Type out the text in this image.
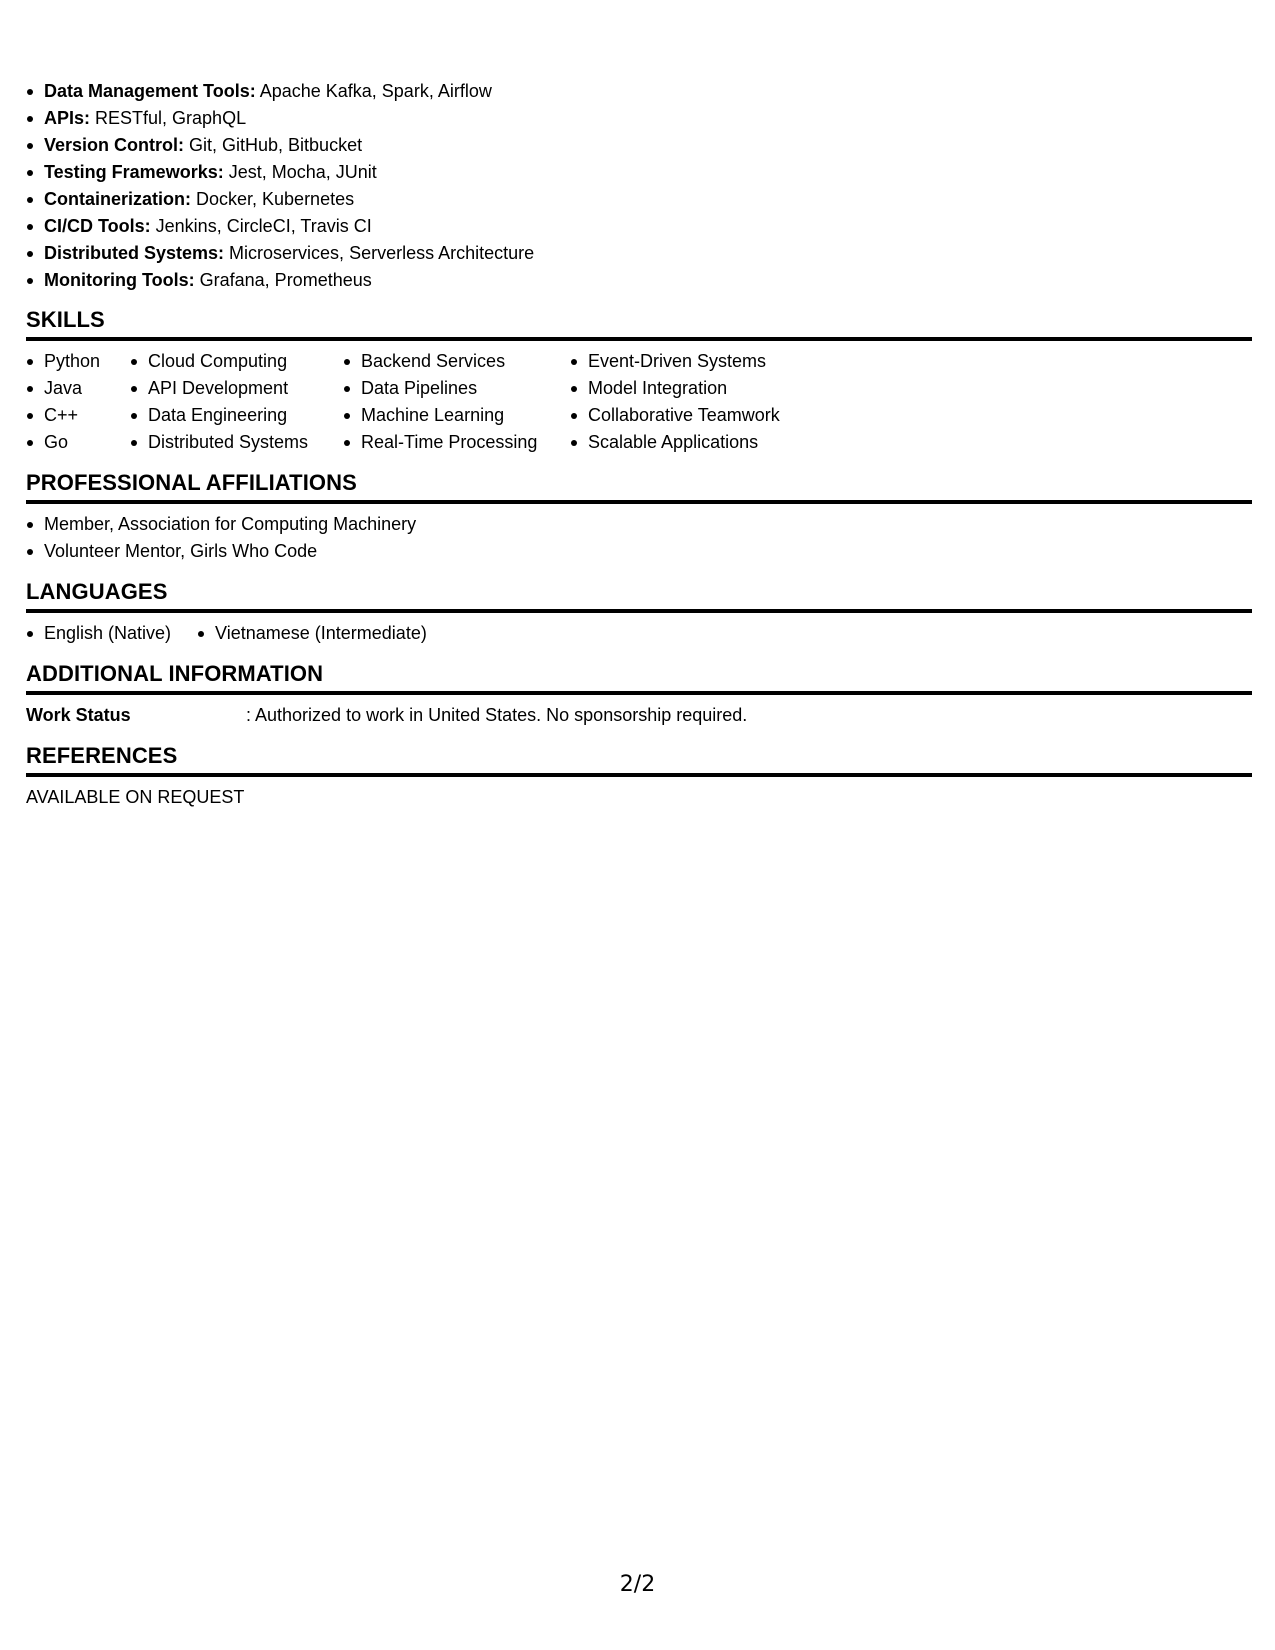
Data Management Tools: Apache Kafka, Spark, Airflow
APIs: RESTful, GraphQL
Version Control: Git, GitHub, Bitbucket
Testing Frameworks: Jest, Mocha, JUnit
Containerization: Docker, Kubernetes
CI/CD Tools: Jenkins, CircleCI, Travis CI
Distributed Systems: Microservices, Serverless Architecture
Monitoring Tools: Grafana, Prometheus
SKILLS
Python
Java
C++
Go
Cloud Computing
API Development
Data Engineering
Distributed Systems
Backend Services
Data Pipelines
Machine Learning
Real-Time Processing
Event-Driven Systems
Model Integration
Collaborative Teamwork
Scalable Applications
PROFESSIONAL AFFILIATIONS
Member, Association for Computing Machinery
Volunteer Mentor, Girls Who Code
LANGUAGES
English (Native)	Vietnamese (Intermediate)
ADDITIONAL INFORMATION
Work Status	: Authorized to work in United States. No sponsorship required.
REFERENCES
AVAILABLE ON REQUEST
2/2
